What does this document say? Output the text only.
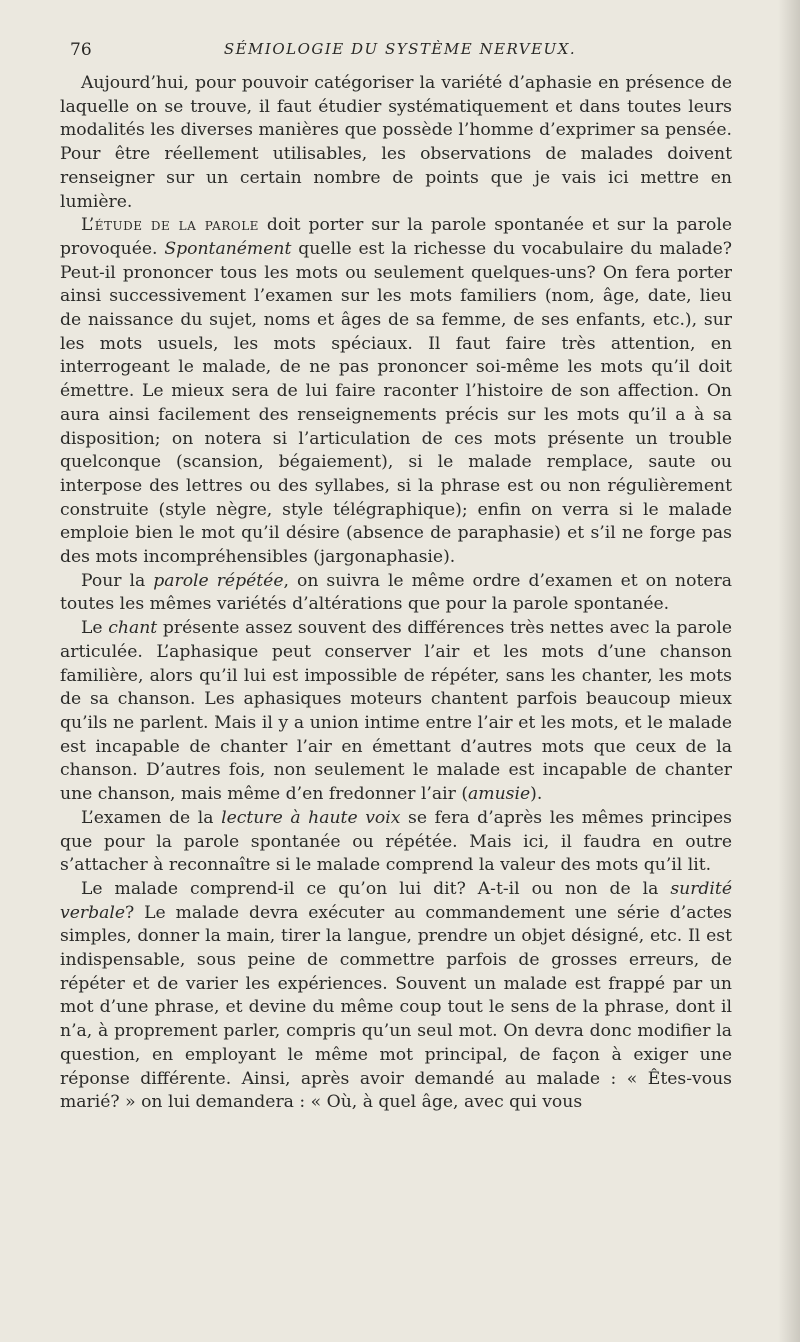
76	SÉMIOLOGIE DU SYSTÈME NERVEUX.

Aujourd’hui, pour pouvoir catégoriser la variété d’aphasie en présence de laquelle on se trouve, il faut étudier systématiquement et dans toutes leurs modalités les diverses manières que possède l’homme d’exprimer sa pensée. Pour être réellement utilisables, les observations de malades doivent renseigner sur un certain nombre de points que je vais ici mettre en lumière.

L’étude de la parole doit porter sur la parole spontanée et sur la parole provoquée. Spontanément quelle est la richesse du vocabulaire du malade? Peut-il prononcer tous les mots ou seulement quelques-uns? On fera porter ainsi successivement l’examen sur les mots familiers (nom, âge, date, lieu de naissance du sujet, noms et âges de sa femme, de ses enfants, etc.), sur les mots usuels, les mots spéciaux. Il faut faire très attention, en interrogeant le malade, de ne pas prononcer soi-même les mots qu’il doit émettre. Le mieux sera de lui faire raconter l’histoire de son affection. On aura ainsi facilement des renseignements précis sur les mots qu’il a à sa disposition; on notera si l’articulation de ces mots présente un trouble quelconque (scansion, bégaiement), si le malade remplace, saute ou interpose des lettres ou des syllabes, si la phrase est ou non régulièrement construite (style nègre, style télégraphique); enfin on verra si le malade emploie bien le mot qu’il désire (absence de paraphasie) et s’il ne forge pas des mots incompréhensibles (jargonaphasie).

Pour la parole répétée, on suivra le même ordre d’examen et on notera toutes les mêmes variétés d’altérations que pour la parole spontanée.

Le chant présente assez souvent des différences très nettes avec la parole articulée. L’aphasique peut conserver l’air et les mots d’une chanson familière, alors qu’il lui est impossible de répéter, sans les chanter, les mots de sa chanson. Les aphasiques moteurs chantent parfois beaucoup mieux qu’ils ne parlent. Mais il y a union intime entre l’air et les mots, et le malade est incapable de chanter l’air en émettant d’autres mots que ceux de la chanson. D’autres fois, non seulement le malade est incapable de chanter une chanson, mais même d’en fredonner l’air (amusie).

L’examen de la lecture à haute voix se fera d’après les mêmes principes que pour la parole spontanée ou répétée. Mais ici, il faudra en outre s’attacher à reconnaître si le malade comprend la valeur des mots qu’il lit.

Le malade comprend-il ce qu’on lui dit? A-t-il ou non de la surdité verbale? Le malade devra exécuter au commandement une série d’actes simples, donner la main, tirer la langue, prendre un objet désigné, etc. Il est indispensable, sous peine de commettre parfois de grosses erreurs, de répéter et de varier les expériences. Souvent un malade est frappé par un mot d’une phrase, et devine du même coup tout le sens de la phrase, dont il n’a, à proprement parler, compris qu’un seul mot. On devra donc modifier la question, en employant le même mot principal, de façon à exiger une réponse différente. Ainsi, après avoir demandé au malade : « Êtes-vous marié? » on lui demandera : « Où, à quel âge, avec qui vous
